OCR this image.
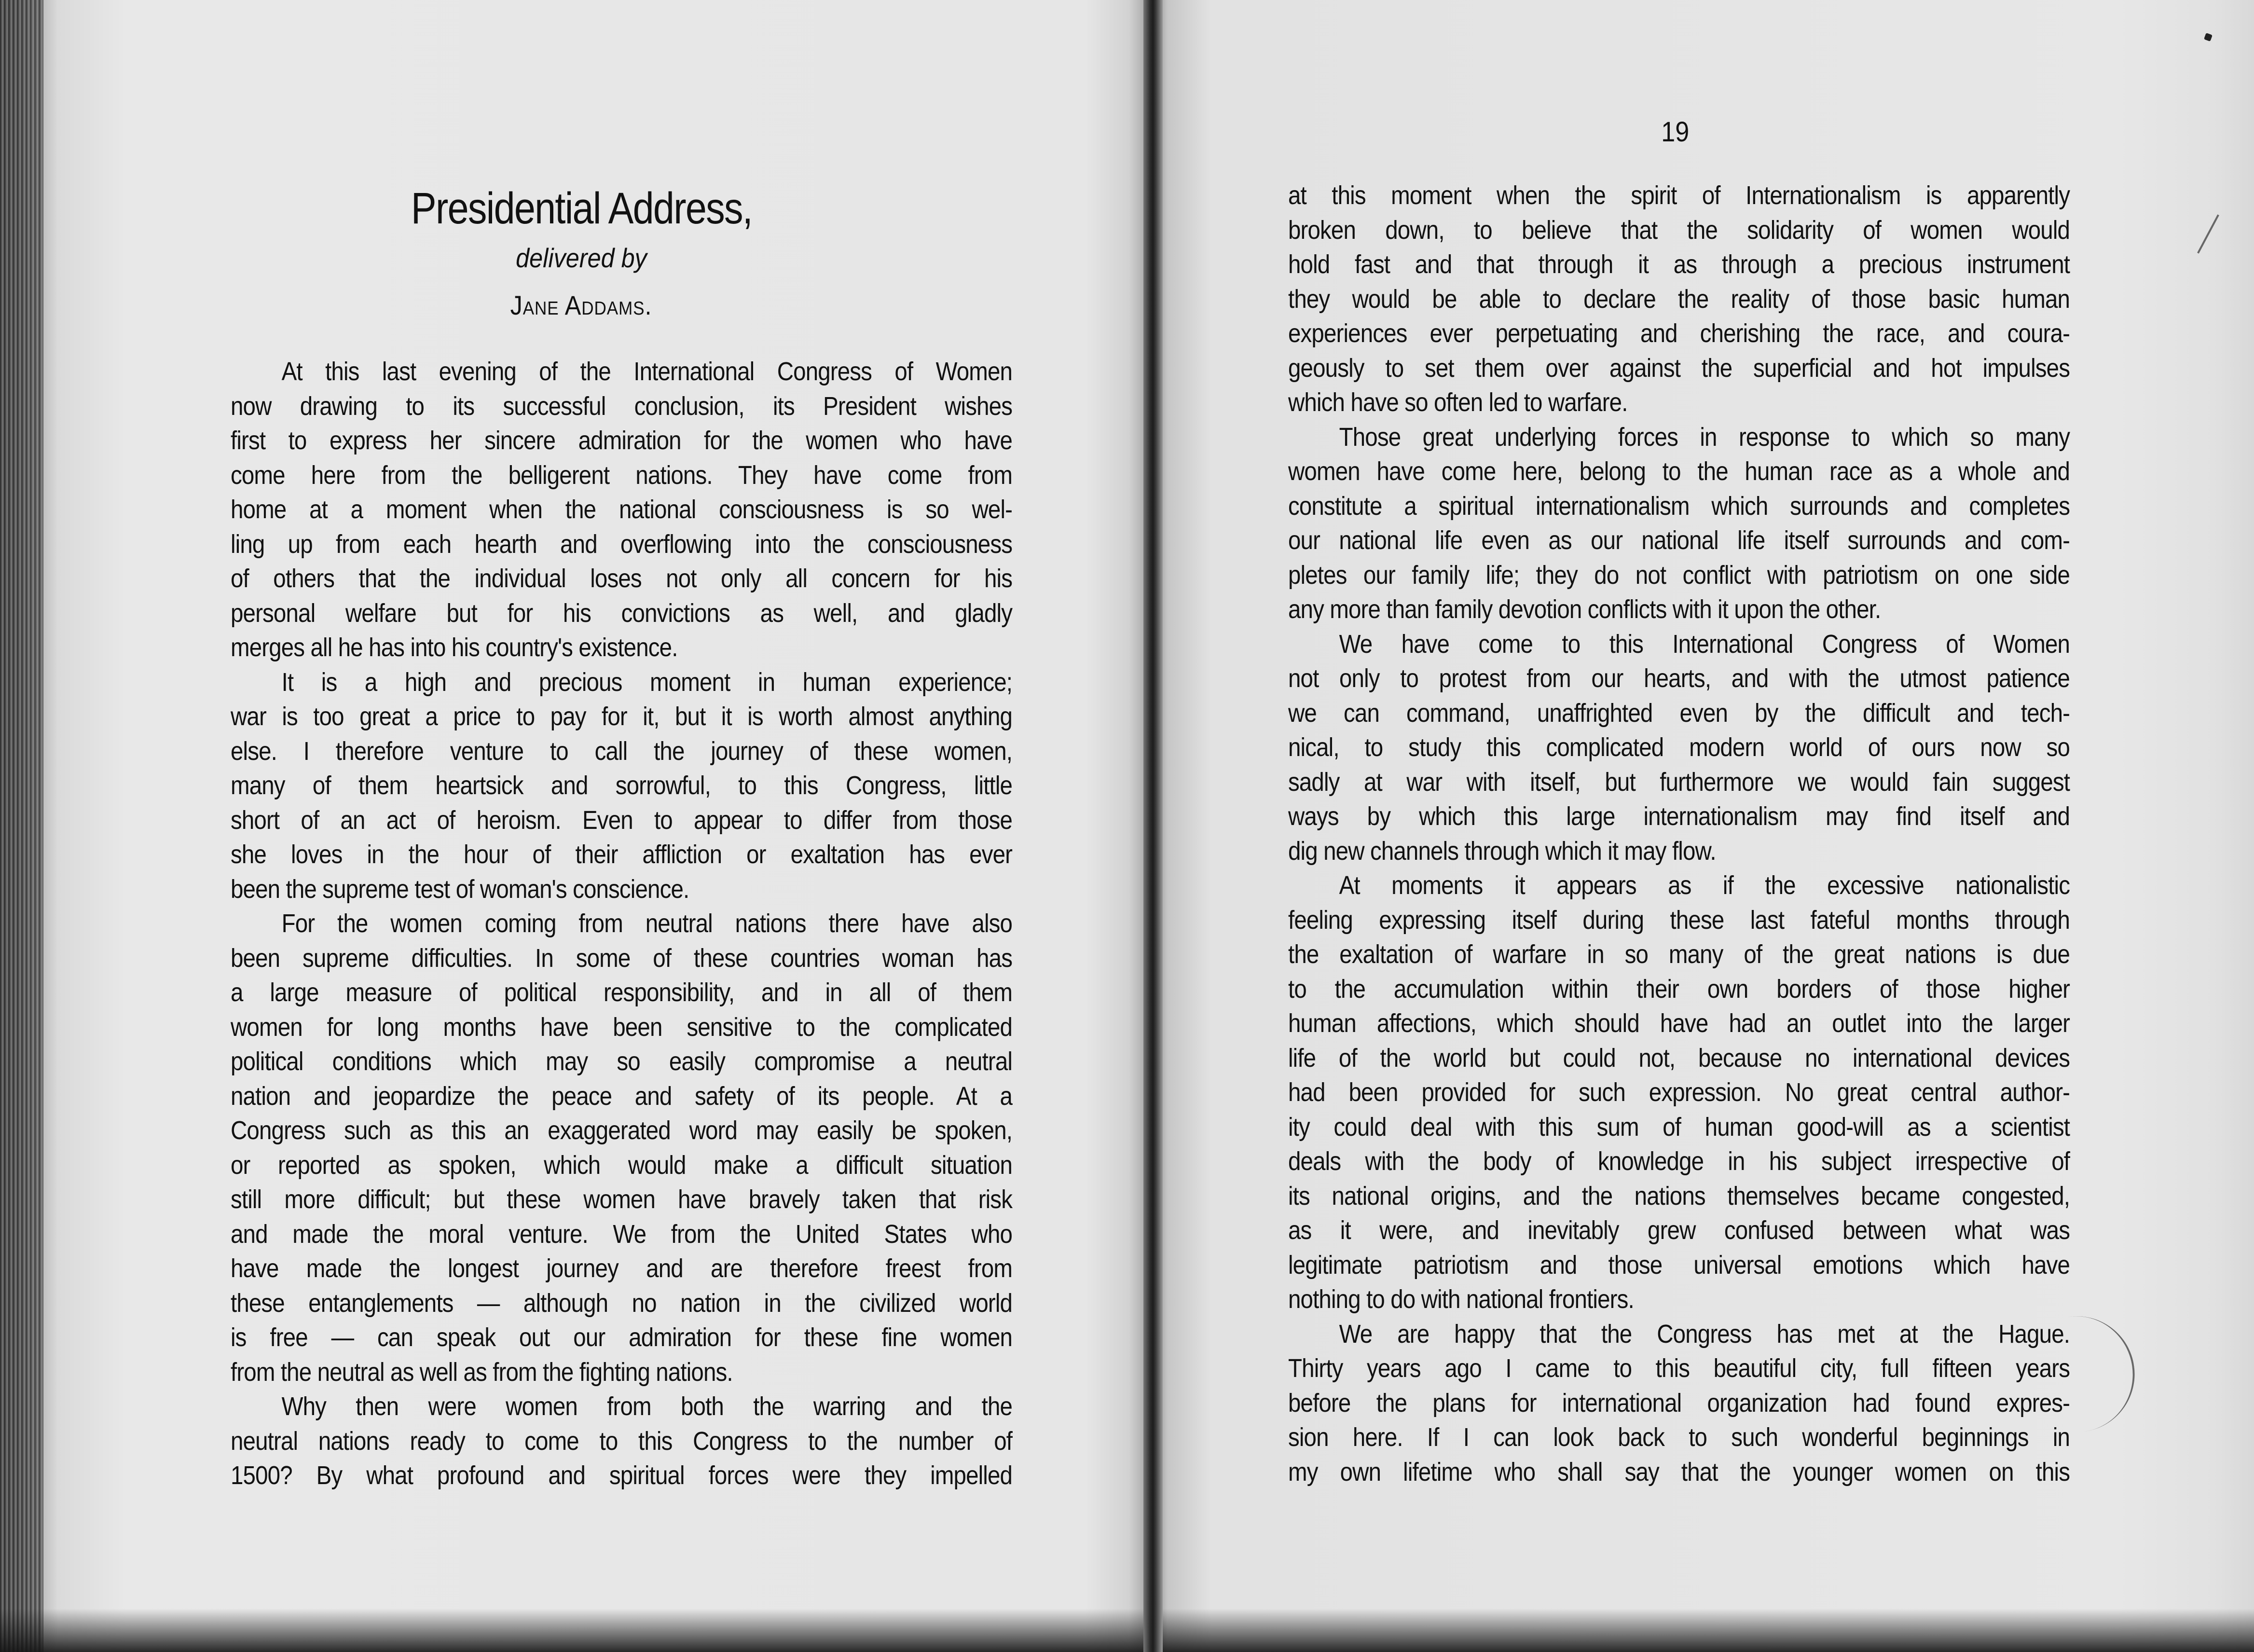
Presidential Address,
delivered by
Jane Addams.

At this last evening of the International Congress of Women
now drawing to its successful conclusion, its President wishes
first to express her sincere admiration for the women who have
come here from the belligerent nations. They have come from
home at a moment when the national consciousness is so wel-
ling up from each hearth and overflowing into the consciousness
of others that the individual loses not only all concern for his
personal welfare but for his convictions as well, and gladly
merges all he has into his country's existence.

It is a high and precious moment in human experience;
war is too great a price to pay for it, but it is worth almost anything
else. I therefore venture to call the journey of these women,
many of them heartsick and sorrowful, to this Congress, little
short of an act of heroism. Even to appear to differ from those
she loves in the hour of their affliction or exaltation has ever
been the supreme test of woman's conscience.

For the women coming from neutral nations there have also
been supreme difficulties. In some of these countries woman has
a large measure of political responsibility, and in all of them
women for long months have been sensitive to the complicated
political conditions which may so easily compromise a neutral
nation and jeopardize the peace and safety of its people. At a
Congress such as this an exaggerated word may easily be spoken,
or reported as spoken, which would make a difficult situation
still more difficult; but these women have bravely taken that risk
and made the moral venture. We from the United States who
have made the longest journey and are therefore freest from
these entanglements — although no nation in the civilized world
is free — can speak out our admiration for these fine women
from the neutral as well as from the fighting nations.

Why then were women from both the warring and the
neutral nations ready to come to this Congress to the number of
1500? By what profound and spiritual forces were they impelled

19

at this moment when the spirit of Internationalism is apparently
broken down, to believe that the solidarity of women would
hold fast and that through it as through a precious instrument
they would be able to declare the reality of those basic human
experiences ever perpetuating and cherishing the race, and coura-
geously to set them over against the superficial and hot impulses
which have so often led to warfare.

Those great underlying forces in response to which so many
women have come here, belong to the human race as a whole and
constitute a spiritual internationalism which surrounds and completes
our national life even as our national life itself surrounds and com-
pletes our family life; they do not conflict with patriotism on one side
any more than family devotion conflicts with it upon the other.

We have come to this International Congress of Women
not only to protest from our hearts, and with the utmost patience
we can command, unaffrighted even by the difficult and tech-
nical, to study this complicated modern world of ours now so
sadly at war with itself, but furthermore we would fain suggest
ways by which this large internationalism may find itself and
dig new channels through which it may flow.

At moments it appears as if the excessive nationalistic
feeling expressing itself during these last fateful months through
the exaltation of warfare in so many of the great nations is due
to the accumulation within their own borders of those higher
human affections, which should have had an outlet into the larger
life of the world but could not, because no international devices
had been provided for such expression. No great central author-
ity could deal with this sum of human good-will as a scientist
deals with the body of knowledge in his subject irrespective of
its national origins, and the nations themselves became congested,
as it were, and inevitably grew confused between what was
legitimate patriotism and those universal emotions which have
nothing to do with national frontiers.

We are happy that the Congress has met at the Hague.
Thirty years ago I came to this beautiful city, full fifteen years
before the plans for international organization had found expres-
sion here. If I can look back to such wonderful beginnings in
my own lifetime who shall say that the younger women on this
